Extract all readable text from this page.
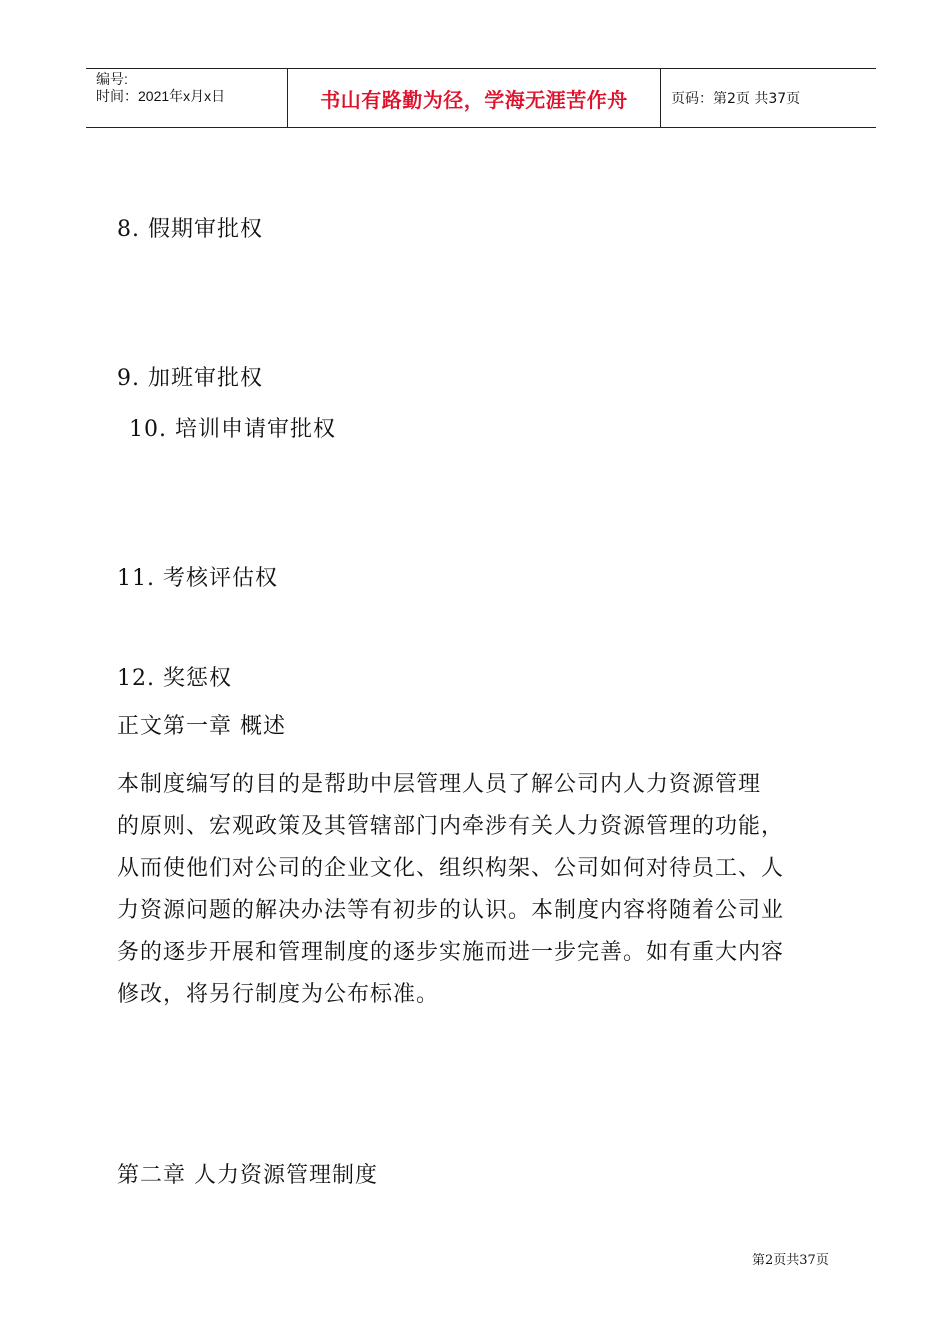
编号:
时间：2021年x月x日	书山有路勤为径，学海无涯苦作舟	页码：第2页 共37页
8. 假期审批权
9. 加班审批权
10. 培训申请审批权
11. 考核评估权
12. 奖惩权
正文第一章 概述
本制度编写的目的是帮助中层管理人员了解公司内人力资源管理
的原则、宏观政策及其管辖部门内牵涉有关人力资源管理的功能，
从而使他们对公司的企业文化、组织构架、公司如何对待员工、人
力资源问题的解决办法等有初步的认识。本制度内容将随着公司业
务的逐步开展和管理制度的逐步实施而进一步完善。如有重大内容
修改，将另行制度为公布标准。
第二章 人力资源管理制度
第2页共37页
